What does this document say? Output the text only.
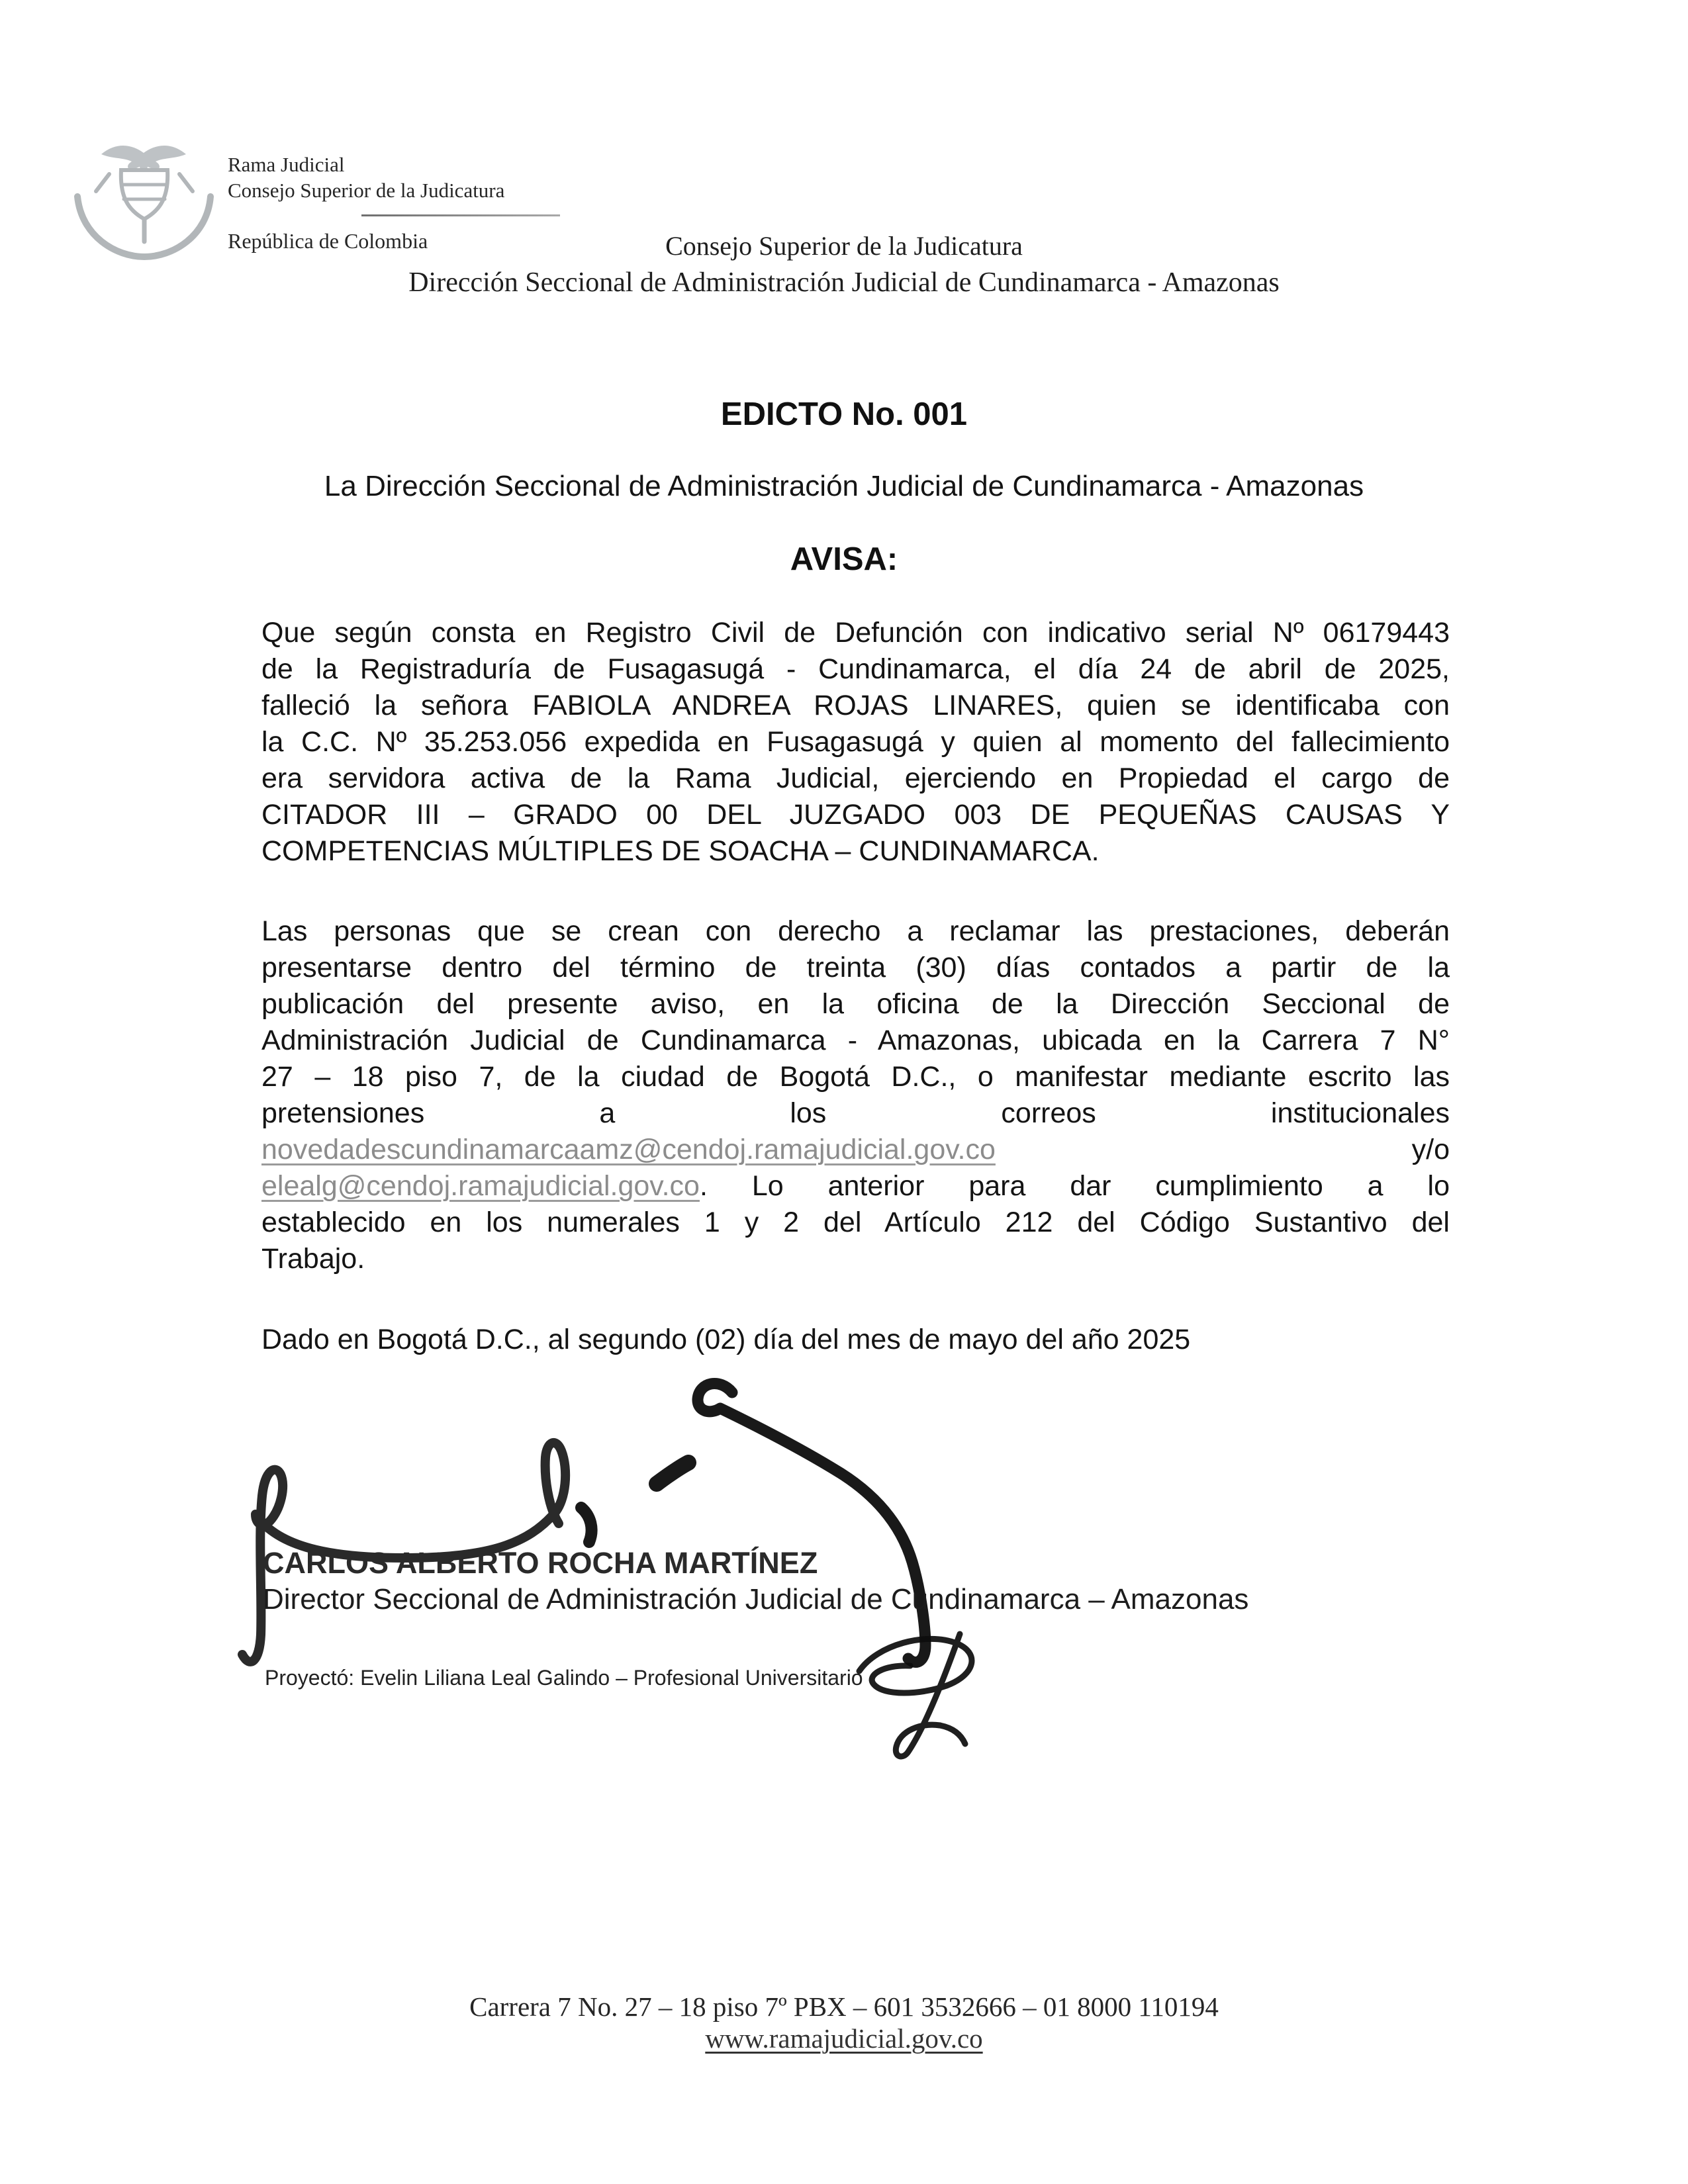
Rama Judicial
Consejo Superior de la Judicatura
República de Colombia	Consejo Superior de la Judicatura
Dirección Seccional de Administración Judicial de Cundinamarca - Amazonas
EDICTO No. 001
La Dirección Seccional de Administración Judicial de Cundinamarca - Amazonas
AVISA:
Que según consta en Registro Civil de Defunción con indicativo serial Nº 06179443
de la Registraduría de Fusagasugá - Cundinamarca, el día 24 de abril de 2025,
falleció la señora FABIOLA ANDREA ROJAS LINARES, quien se identificaba con
la C.C. Nº 35.253.056 expedida en Fusagasugá y quien al momento del fallecimiento
era servidora activa de la Rama Judicial, ejerciendo en Propiedad el cargo de
CITADOR III – GRADO 00 DEL JUZGADO 003 DE PEQUEÑAS CAUSAS Y
COMPETENCIAS MÚLTIPLES DE SOACHA – CUNDINAMARCA.
Las personas que se crean con derecho a reclamar las prestaciones, deberán
presentarse dentro del término de treinta (30) días contados a partir de la
publicación del presente aviso, en la oficina de la Dirección Seccional de
Administración Judicial de Cundinamarca - Amazonas, ubicada en la Carrera 7 N°
27 – 18 piso 7, de la ciudad de Bogotá D.C., o manifestar mediante escrito las
pretensiones a los correos institucionales
novedadescundinamarcaamz@cendoj.ramajudicial.gov.co y/o
elealg@cendoj.ramajudicial.gov.co. Lo anterior para dar cumplimiento a lo
establecido en los numerales 1 y 2 del Artículo 212 del Código Sustantivo del
Trabajo.
Dado en Bogotá D.C., al segundo (02) día del mes de mayo del año 2025
CARLOS ALBERTO ROCHA MARTÍNEZ
Director Seccional de Administración Judicial de Cundinamarca – Amazonas
Proyectó: Evelin Liliana Leal Galindo – Profesional Universitario
Carrera 7 No. 27 – 18 piso 7º PBX – 601 3532666 – 01 8000 110194
www.ramajudicial.gov.co
